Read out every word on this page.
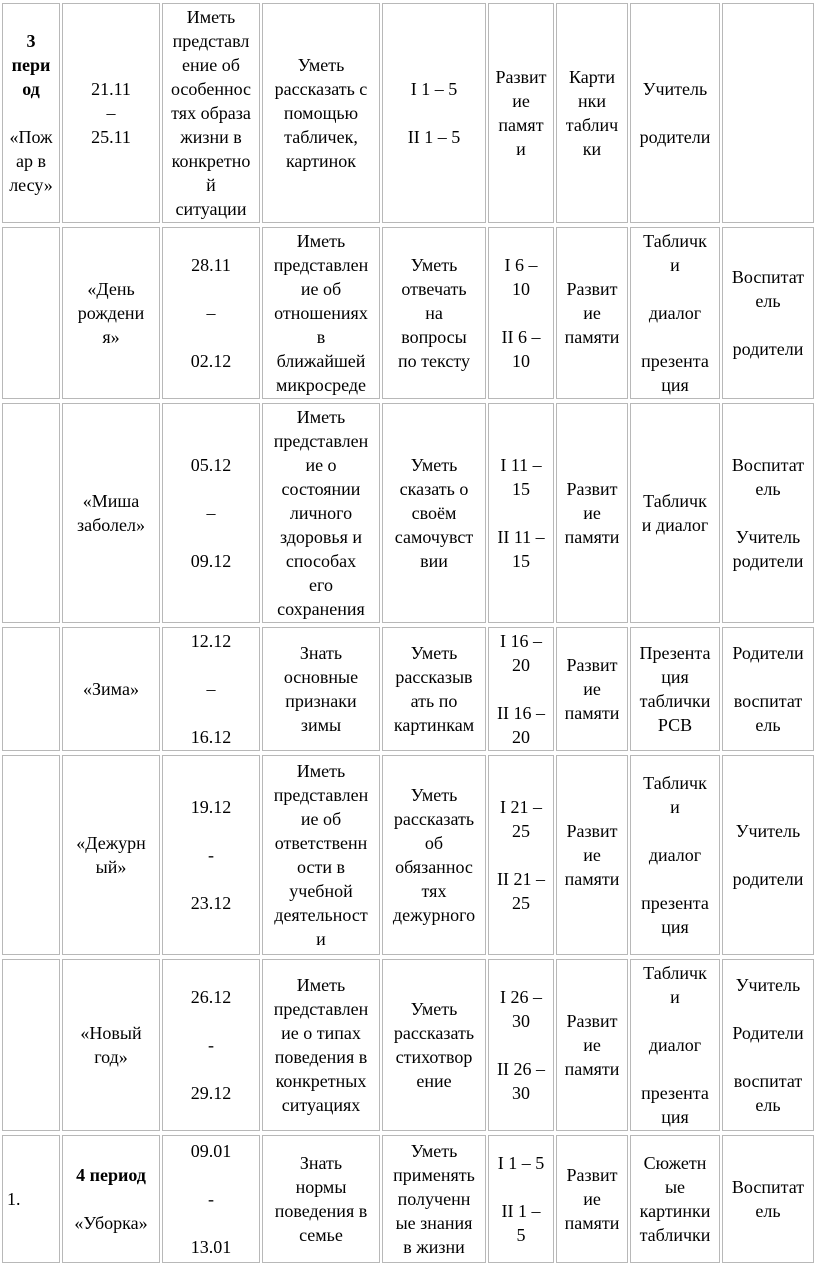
3
пери
од
«Пож
ар в
лесу»
21.11
–
25.11
Иметь
представл
ение об
особеннос
тях образа
жизни в
конкретно
й
ситуации
Уметь
рассказать с
помощью
табличек,
картинок
I 1 – 5
II 1 – 5
Развит
ие
памят
и
Карти
нки
таблич
ки
Учитель
родители
«День
рождени
я»
28.11
–
02.12
Иметь
представлен
ие об
отношениях
в
ближайшей
микросреде
Уметь
отвечать
на
вопросы
по тексту
I 6 –
10
II 6 –
10
Развит
ие
памяти
Табличк
и
диалог
презента
ция
Воспитат
ель
родители
«Миша
заболел»
05.12
–
09.12
Иметь
представлен
ие о
состоянии
личного
здоровья и
способах
его
сохранения
Уметь
сказать о
своём
самочувст
вии
I 11 –
15
II 11 –
15
Развит
ие
памяти
Табличк
и диалог
Воспитат
ель
Учитель
родители
«Зима»
12.12
–
16.12
Знать
основные
признаки
зимы
Уметь
рассказыв
ать по
картинкам
I 16 –
20
II 16 –
20
Развит
ие
памяти
Презента
ция
таблички
РСВ
Родители
воспитат
ель
«Дежурн
ый»
19.12
-
23.12
Иметь
представлен
ие об
ответственн
ости в
учебной
деятельност
и
Уметь
рассказать
об
обязаннос
тях
дежурного
I 21 –
25
II 21 –
25
Развит
ие
памяти
Табличк
и
диалог
презента
ция
Учитель
родители
«Новый
год»
26.12
-
29.12
Иметь
представлен
ие о типах
поведения в
конкретных
ситуациях
Уметь
рассказать
стихотвор
ение
I 26 –
30
II 26 –
30
Развит
ие
памяти
Табличк
и
диалог
презента
ция
Учитель
Родители
воспитат
ель
1.
4 период
«Уборка»
09.01
-
13.01
Знать
нормы
поведения в
семье
Уметь
применять
полученн
ые знания
в жизни
I 1 – 5
II 1 –
5
Развит
ие
памяти
Сюжетн
ые
картинки
таблички
Воспитат
ель
